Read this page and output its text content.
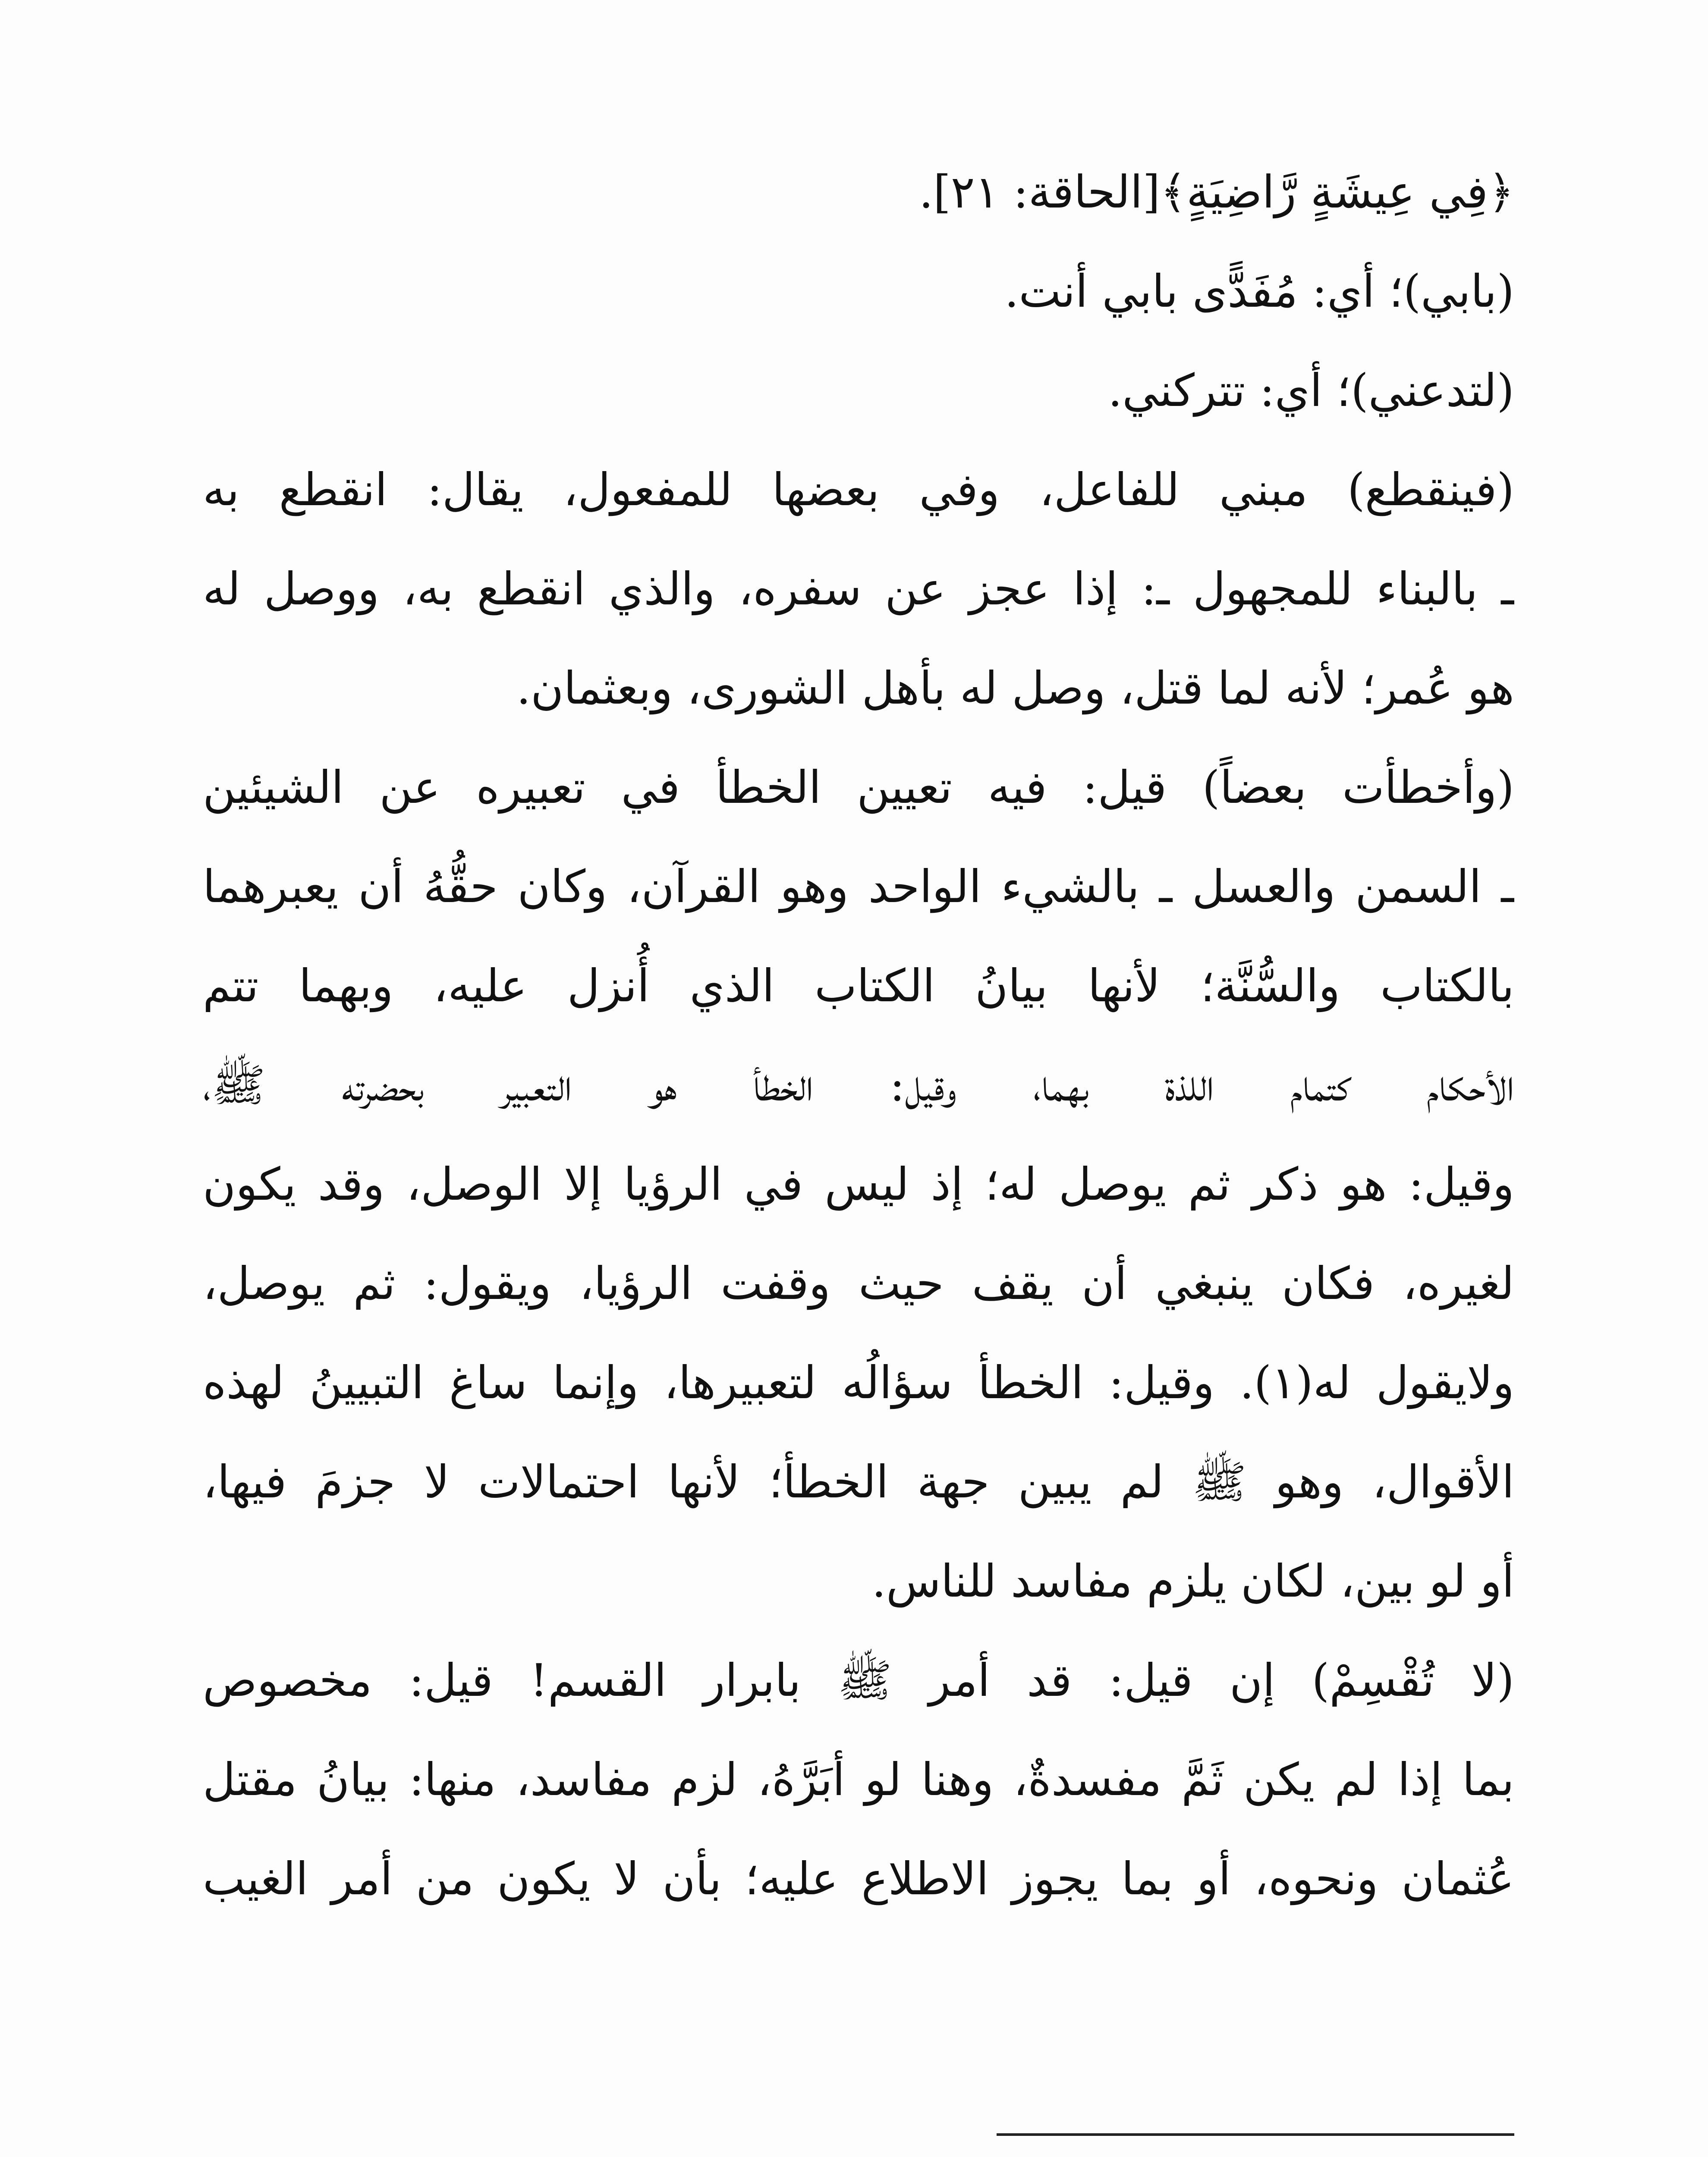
﴿فِي عِيشَةٍ رَّاضِيَةٍ﴾[الحاقة: ٢١].
(بابي)؛ أي: مُفَدًّى بابي أنت.
(لتدعني)؛ أي: تتركني.
(فينقطع) مبني للفاعل، وفي بعضها للمفعول، يقال: انقطع به
ـ بالبناء للمجهول ـ: إذا عجز عن سفره، والذي انقطع به، ووصل له
هو عُمر؛ لأنه لما قتل، وصل له بأهل الشورى، وبعثمان.
(وأخطأت بعضاً) قيل: فيه تعيين الخطأ في تعبيره عن الشيئين
ـ السمن والعسل ـ بالشيء الواحد وهو القرآن، وكان حقُّهُ أن يعبرهما
بالكتاب والسُّنَّة؛ لأنها بيانُ الكتاب الذي أُنزل عليه، وبهما تتم
الأحكام كتمام اللذة بهما، وقيل: الخطأ هو التعبير بحضرته ﷺ،
وقيل: هو ذكر ثم يوصل له؛ إذ ليس في الرؤيا إلا الوصل، وقد يكون
لغيره، فكان ينبغي أن يقف حيث وقفت الرؤيا، ويقول: ثم يوصل،
ولايقول له(١). وقيل: الخطأ سؤالُه لتعبيرها، وإنما ساغ التبيينُ لهذه
الأقوال، وهو ﷺ لم يبين جهة الخطأ؛ لأنها احتمالات لا جزمَ فيها،
أو لو بين، لكان يلزم مفاسد للناس.
(لا تُقْسِمْ) إن قيل: قد أمر ﷺ بابرار القسم! قيل: مخصوص
بما إذا لم يكن ثَمَّ مفسدةٌ، وهنا لو أبَرَّهُ، لزم مفاسد، منها: بيانُ مقتل
عُثمان ونحوه، أو بما يجوز الاطلاع عليه؛ بأن لا يكون من أمر الغيب
